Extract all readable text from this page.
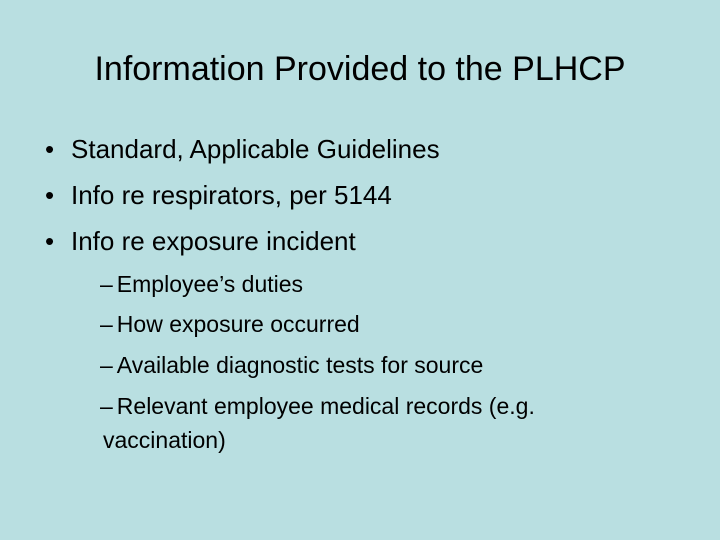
Information Provided to the PLHCP
• Standard, Applicable Guidelines
• Info re respirators, per 5144
• Info re exposure incident
– Employee’s duties
– How exposure occurred
– Available diagnostic tests for source
– Relevant employee medical records (e.g.
vaccination)
